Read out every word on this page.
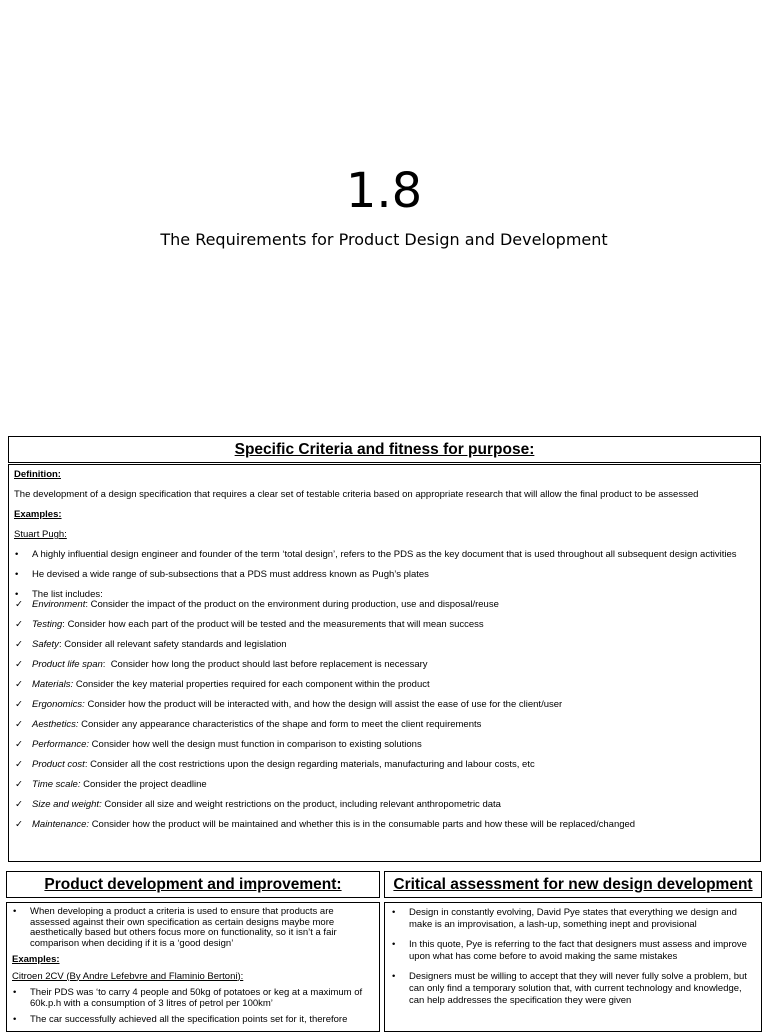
1.8
The Requirements for Product Design and Development
Specific Criteria and fitness for purpose:

Definition:

The development of a design specification that requires a clear set of testable criteria based on appropriate research that will allow the final product to be assessed

Examples:

Stuart Pugh:

• A highly influential design engineer and founder of the term ‘total design’, refers to the PDS as the key document that is used throughout all subsequent design activities
• He devised a wide range of sub-subsections that a PDS must address known as Pugh’s plates
• The list includes:
✓ Environment: Consider the impact of the product on the environment during production, use and disposal/reuse
✓ Testing: Consider how each part of the product will be tested and the measurements that will mean success
✓ Safety: Consider all relevant safety standards and legislation
✓ Product life span:  Consider how long the product should last before replacement is necessary
✓ Materials: Consider the key material properties required for each component within the product
✓ Ergonomics: Consider how the product will be interacted with, and how the design will assist the ease of use for the client/user
✓ Aesthetics: Consider any appearance characteristics of the shape and form to meet the client requirements
✓ Performance: Consider how well the design must function in comparison to existing solutions
✓ Product cost: Consider all the cost restrictions upon the design regarding materials, manufacturing and labour costs, etc
✓ Time scale: Consider the project deadline
✓ Size and weight: Consider all size and weight restrictions on the product, including relevant anthropometric data
✓ Maintenance: Consider how the product will be maintained and whether this is in the consumable parts and how these will be replaced/changed
Product development and improvement:
• When developing a product a criteria is used to ensure that products are assessed against their own specification as certain designs maybe more aesthetically based but others focus more on functionality, so it isn’t a fair comparison when deciding if it is a ‘good design’

Examples:

Citroen 2CV (By Andre Lefebvre and Flaminio Bertoni):

• Their PDS was ‘to carry 4 people and 50kg of potatoes or keg at a maximum of 60k.p.h with a consumption of 3 litres of petrol per 100km’
• The car successfully achieved all the specification points set for it, therefore
Critical assessment for new design development
• Design in constantly evolving, David Pye states that everything we design and make is an improvisation, a lash-up, something inept and provisional
• In this quote, Pye is referring to the fact that designers must assess and improve upon what has come before to avoid making the same mistakes
• Designers must be willing to accept that they will never fully solve a problem, but can only find a temporary solution that, with current technology and knowledge, can help addresses the specification they were given
